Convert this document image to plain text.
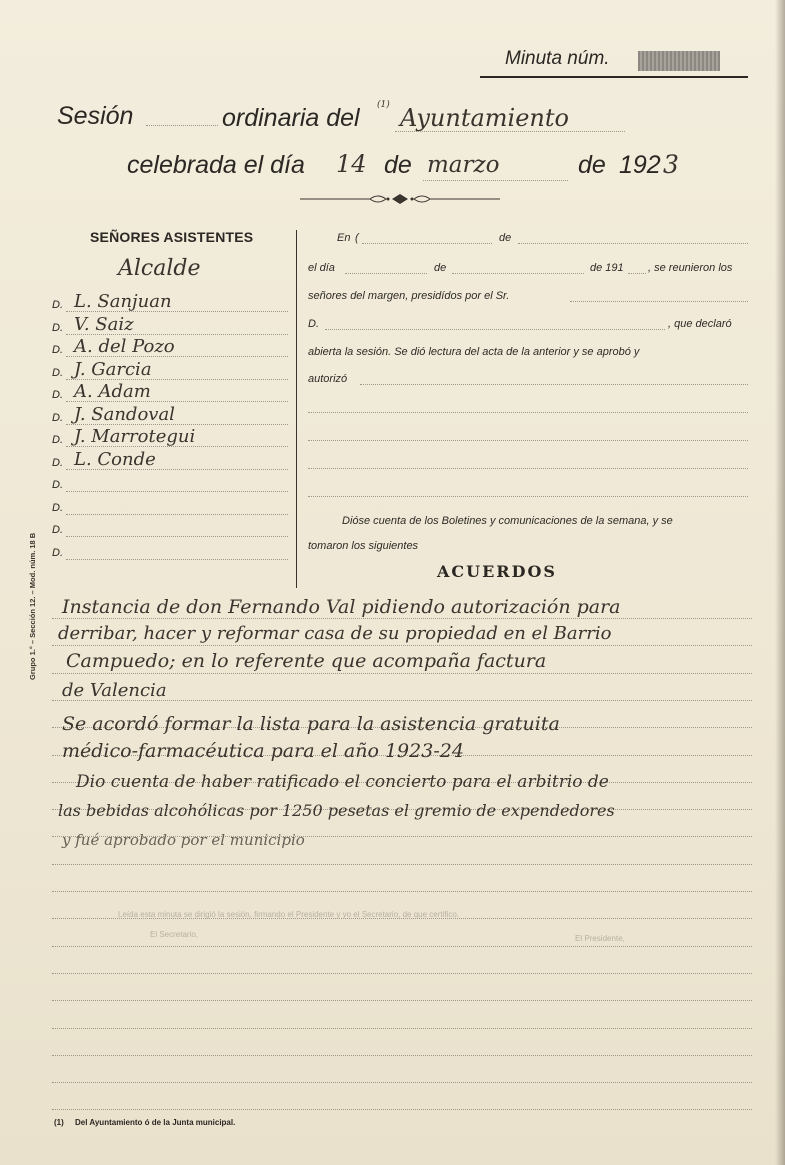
Minuta núm.
Sesión	ordinaria del (1) Ayuntamiento
celebrada el día 14 de marzo	de 192 3
SEÑORES ASISTENTES
Alcalde
D. L. Sanjuan
D. V. Saiz
D. A. del Pozo
D. J. Garcia
D. A. Adam
D. J. Sandoval
D. J. Marrotegui
D. L. Conde
D.
D.
D.
D.
Grupo 1.° – Sección 12. – Mod. núm. 18 B
En (	de
el día	de	de 191 , se reunieron los
señores del margen, presidídos por el Sr.
D.	, que declaró
abierta la sesión. Se dió lectura del acta de la anterior y se aprobó y
autorizó
Dióse cuenta de los Boletines y comunicaciones de la semana, y se
tomaron los siguientes
ACUERDOS
Instancia de don Fernando Val pidiendo autorización para
derribar, hacer y reformar casa de su propiedad en el Barrio
Campuedo; en lo referente que acompaña factura
de Valencia
Se acordó formar la lista para la asistencia gratuita
médico-farmacéutica para el año 1923-24
Dio cuenta de haber ratificado el concierto para el arbitrio de
las bebidas alcohólicas por 1250 pesetas el gremio de expendedores
y fué aprobado por el municipio
Leída esta minuta se dirigió la sesión, firmando el Presidente y yo el Secretario, de que certifico.
El Presidente,
El Secretario,
(1) Del Ayuntamiento ó de la Junta municipal.
